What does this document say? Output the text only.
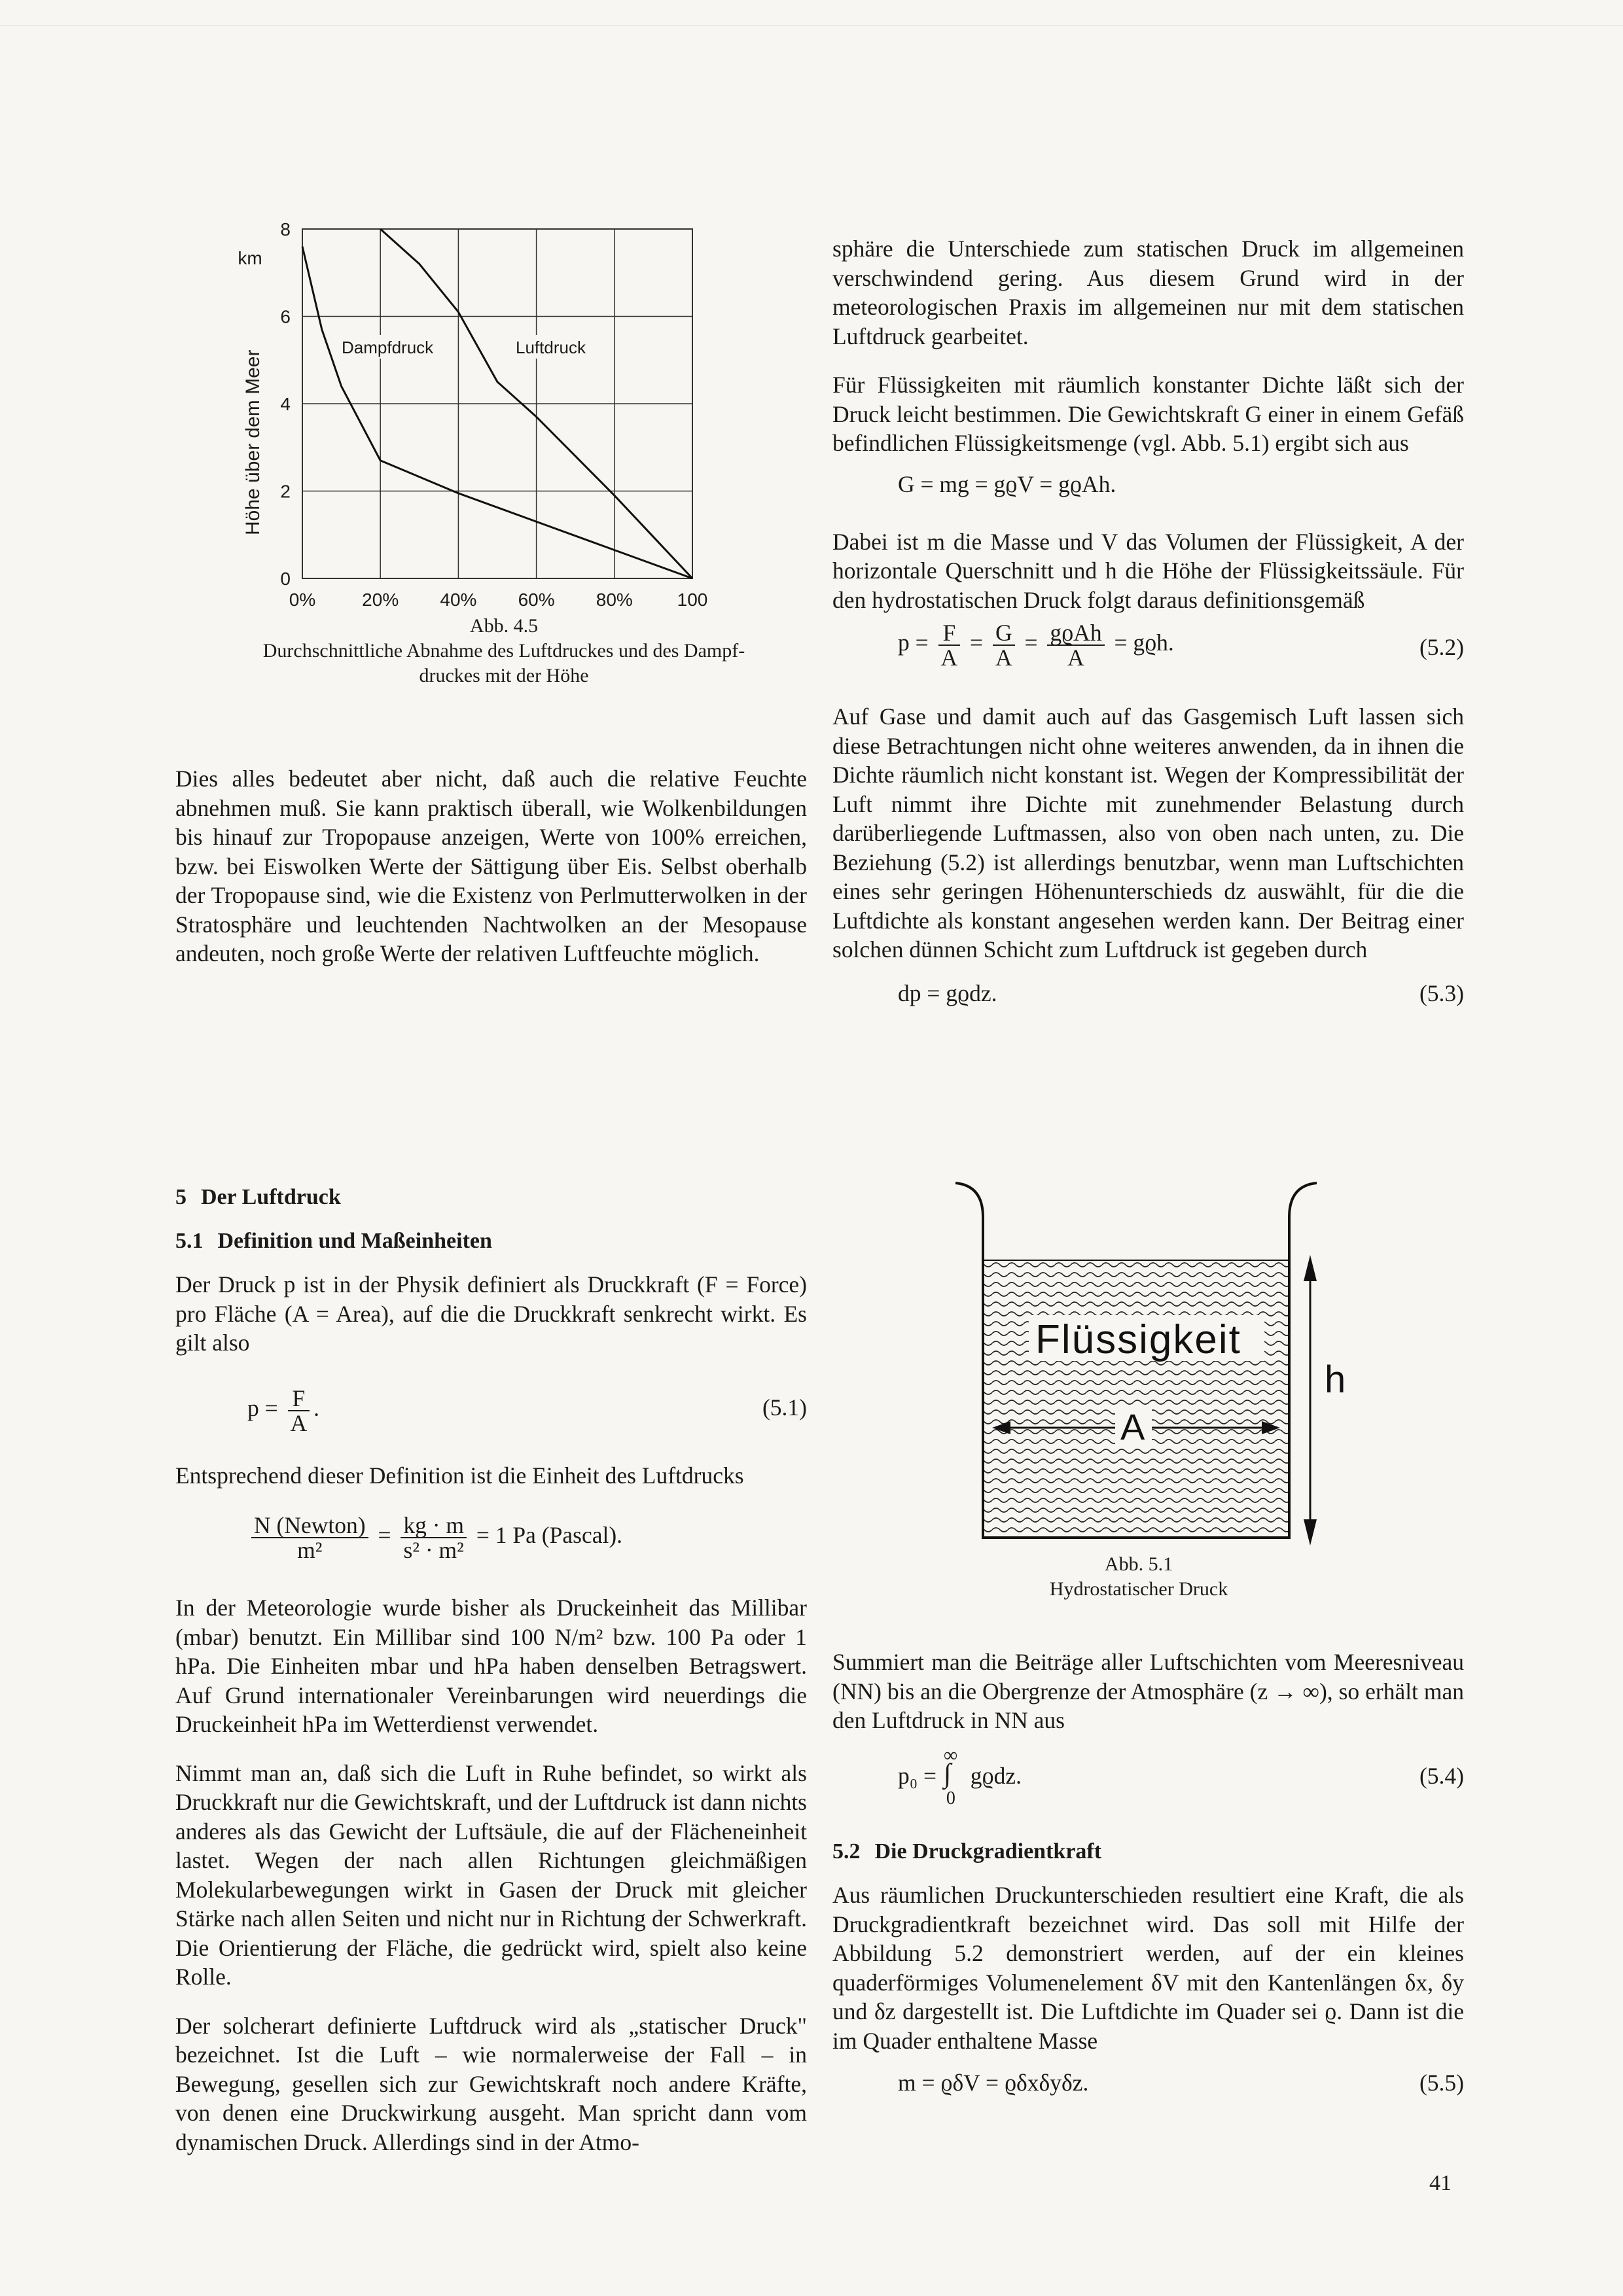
km
Höhe über dem Meer
0%	20% 40% 60% 80% 100
8
6
4
2
0
Dampfdruck	Luftdruck
Abb. 4.5
Durchschnittliche Abnahme des Luftdruckes und des Dampf-
druckes mit der Höhe

Dies alles bedeutet aber nicht, daß auch die relative Feuchte abnehmen muß. Sie kann praktisch überall, wie Wolkenbildungen bis hinauf zur Tropopause anzeigen, Werte von 100% erreichen, bzw. bei Eiswolken Werte der Sättigung über Eis. Selbst oberhalb der Tropopause sind, wie die Existenz von Perlmutterwolken in der Stratosphäre und leuchtenden Nachtwolken an der Mesopause andeuten, noch große Werte der relativen Luftfeuchte möglich.

5 Der Luftdruck
5.1 Definition und Maßeinheiten

Der Druck p ist in der Physik definiert als Druckkraft (F = Force) pro Fläche (A = Area), auf die die Druckkraft senkrecht wirkt. Es gilt also

$p = \frac{F}{A}$ .	(5.1)

Entsprechend dieser Definition ist die Einheit des Luftdrucks

$\frac{\text{N (Newton)}}{\text{m²}} = \frac{kg \cdot m}{\text{s² · m²}} = 1$ Pa (Pascal).

In der Meteorologie wurde bisher als Druckeinheit das Millibar (mbar) benutzt. Ein Millibar sind 100 N/m² bzw. 100 Pa oder 1 hPa. Die Einheiten mbar und hPa haben denselben Betragswert. Auf Grund internationaler Vereinbarungen wird neuerdings die Druckeinheit hPa im Wetterdienst verwendet.

Nimmt man an, daß sich die Luft in Ruhe befindet, so wirkt als Druckkraft nur die Gewichtskraft, und der Luftdruck ist dann nichts anderes als das Gewicht der Luftsäule, die auf der Flächeneinheit lastet. Wegen der nach allen Richtungen gleichmäßigen Molekularbewegungen wirkt in Gasen der Druck mit gleicher Stärke nach allen Seiten und nicht nur in Richtung der Schwerkraft. Die Orientierung der Fläche, die gedrückt wird, spielt also keine Rolle.

Der solcherart definierte Luftdruck wird als „statischer Druck" bezeichnet. Ist die Luft – wie normalerweise der Fall – in Bewegung, gesellen sich zur Gewichtskraft noch andere Kräfte, von denen eine Druckwirkung ausgeht. Man spricht dann vom dynamischen Druck. Allerdings sind in der Atmo-

sphäre die Unterschiede zum statischen Druck im allgemeinen verschwindend gering. Aus diesem Grund wird in der meteorologischen Praxis im allgemeinen nur mit dem statischen Luftdruck gearbeitet.

Für Flüssigkeiten mit räumlich konstanter Dichte läßt sich der Druck leicht bestimmen. Die Gewichtskraft G einer in einem Gefäß befindlichen Flüssigkeitsmenge (vgl. Abb. 5.1) ergibt sich aus

G = mg = gϱV = gϱAh.

Dabei ist m die Masse und V das Volumen der Flüssigkeit, A der horizontale Querschnitt und h die Höhe der Flüssigkeitssäule. Für den hydrostatischen Druck folgt daraus definitionsgemäß

$p = \frac{F}{A} = \frac{G}{A} = \frac{\text{gϱAh}}{A} = gϱh$.	(5.2)

Auf Gase und damit auch auf das Gasgemisch Luft lassen sich diese Betrachtungen nicht ohne weiteres anwenden, da in ihnen die Dichte räumlich nicht konstant ist. Wegen der Kompressibilität der Luft nimmt ihre Dichte mit zunehmender Belastung durch darüberliegende Luftmassen, also von oben nach unten, zu. Die Beziehung (5.2) ist allerdings benutzbar, wenn man Luftschichten eines sehr geringen Höhenunterschieds dz auswählt, für die die Luftdichte als konstant angesehen werden kann. Der Beitrag einer solchen dünnen Schicht zum Luftdruck ist gegeben durch

dp = gϱdz.	(5.3)
Flüssigkeit
A
h
Abb. 5.1
Hydrostatischer Druck

Summiert man die Beiträge aller Luftschichten vom Meeresniveau (NN) bis an die Obergrenze der Atmosphäre (z → ∞), so erhält man den Luftdruck in NN aus

p₀ =
∞
∫
0
gϱdz.	(5.4)
5.2 Die Druckgradientkraft

Aus räumlichen Druckunterschieden resultiert eine Kraft, die als Druckgradientkraft bezeichnet wird. Das soll mit Hilfe der Abbildung 5.2 demonstriert werden, auf der ein kleines quaderförmiges Volumenelement δV mit den Kantenlängen δx, δy und δz dargestellt ist. Die Luftdichte im Quader sei ϱ. Dann ist die im Quader enthaltene Masse

m = ϱδV = ϱδxδyδz.	(5.5)
41
